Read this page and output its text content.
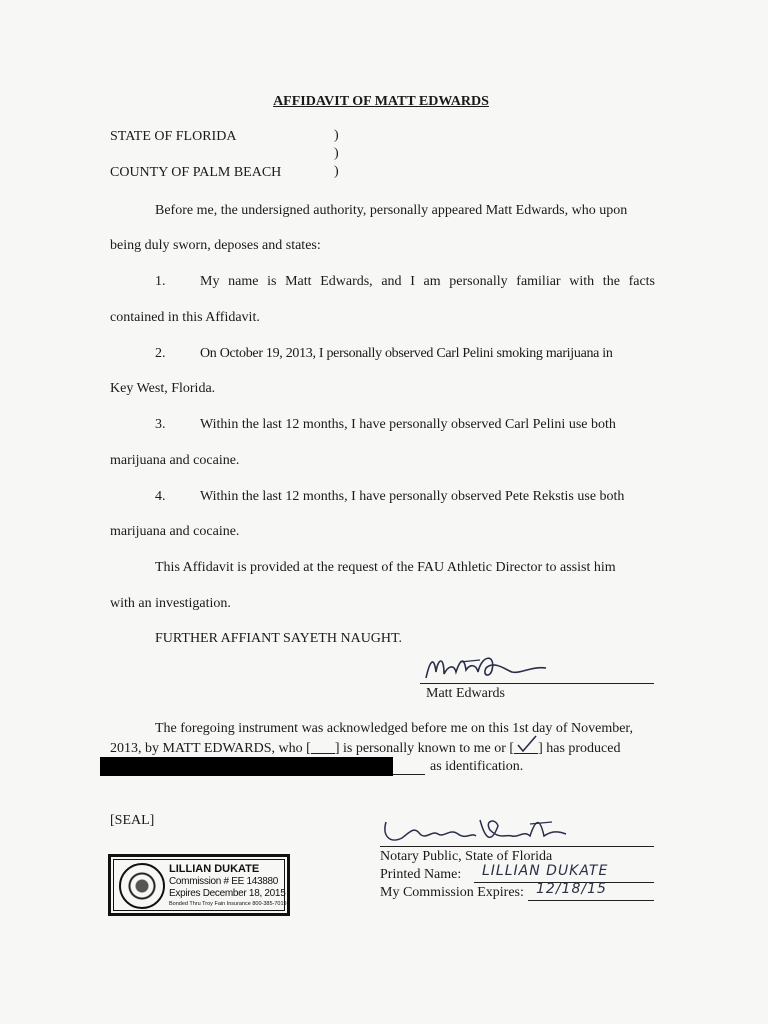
AFFIDAVIT OF MATT EDWARDS
STATE OF FLORIDA
COUNTY OF PALM BEACH
)
)
)
Before me, the undersigned authority, personally appeared Matt Edwards, who upon
being duly sworn, deposes and states:
1. My name is Matt Edwards, and I am personally familiar with the facts
contained in this Affidavit.
2. On October 19, 2013, I personally observed Carl Pelini smoking marijuana in
Key West, Florida.
3. Within the last 12 months, I have personally observed Carl Pelini use both
marijuana and cocaine.
4. Within the last 12 months, I have personally observed Pete Rekstis use both
marijuana and cocaine.
This Affidavit is provided at the request of the FAU Athletic Director to assist him
with an investigation.
FURTHER AFFIANT SAYETH NAUGHT.
Matt Edwards
The foregoing instrument was acknowledged before me on this 1st day of November,
2013, by MATT EDWARDS, who [ ] is personally known to me or [ ] has produced
as identification.
[SEAL]
Notary Public, State of Florida
Printed Name: LILLIAN DUKATE
My Commission Expires: 12/18/15
LILLIAN DUKATE
Commission # EE 143880
Expires December 18, 2015
Bonded Thru Troy Fain Insurance 800-385-7019
